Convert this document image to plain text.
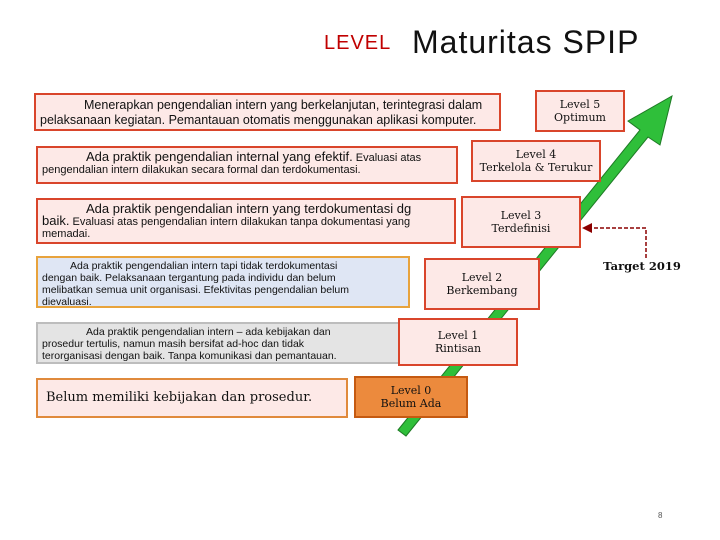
LEVEL Maturitas SPIP
Menerapkan pengendalian intern yang berkelanjutan, terintegrasi dalam
pelaksanaan kegiatan. Pemantauan otomatis menggunakan aplikasi komputer.
Ada praktik pengendalian internal yang efektif. Evaluasi atas
pengendalian intern dilakukan secara formal dan terdokumentasi.
Ada praktik pengendalian intern yang terdokumentasi dg
baik. Evaluasi atas pengendalian intern dilakukan tanpa dokumentasi yang
memadai.
Ada praktik pengendalian intern tapi tidak terdokumentasi
dengan baik. Pelaksanaan tergantung pada individu dan belum
melibatkan semua unit organisasi. Efektivitas pengendalian belum
dievaluasi.
Ada praktik pengendalian intern – ada kebijakan dan
prosedur tertulis, namun masih bersifat ad-hoc dan tidak
terorganisasi dengan baik. Tanpa komunikasi dan pemantauan.
Belum memiliki kebijakan dan prosedur.
Level 5
Optimum
Level 4
Terkelola & Terukur
Level 3
Terdefinisi
Level 2
Berkembang
Level 1
Rintisan
Level 0
Belum Ada
Target 2019
8
